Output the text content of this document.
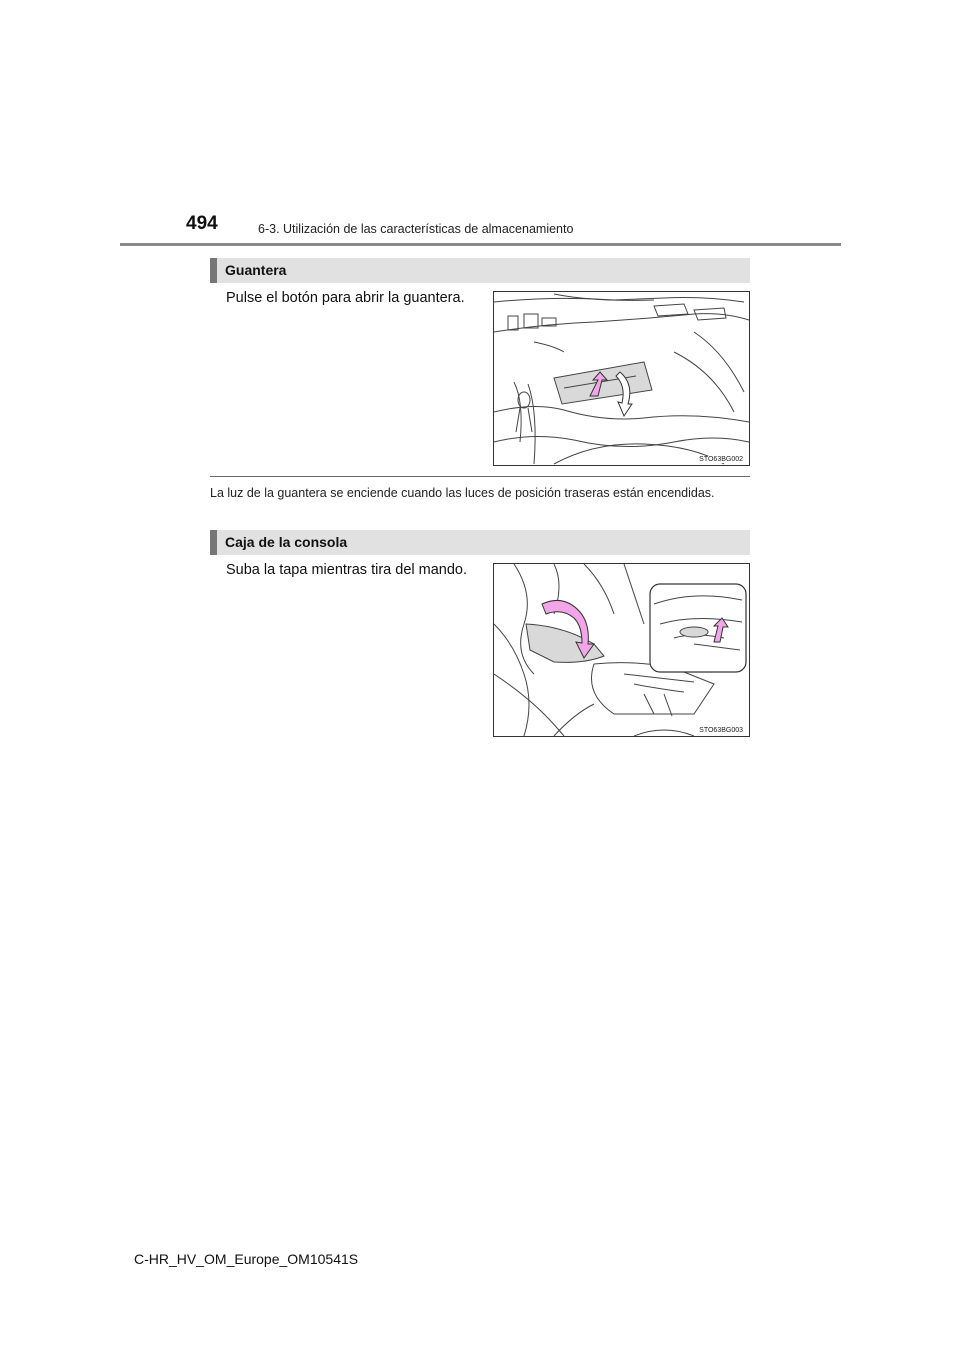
494	6-3. Utilización de las características de almacenamiento
Guantera
Pulse el botón para abrir la guantera.
STO63BG002
La luz de la guantera se enciende cuando las luces de posición traseras están encendidas.
Caja de la consola
Suba la tapa mientras tira del mando.
STO63BG003
C-HR_HV_OM_Europe_OM10541S
